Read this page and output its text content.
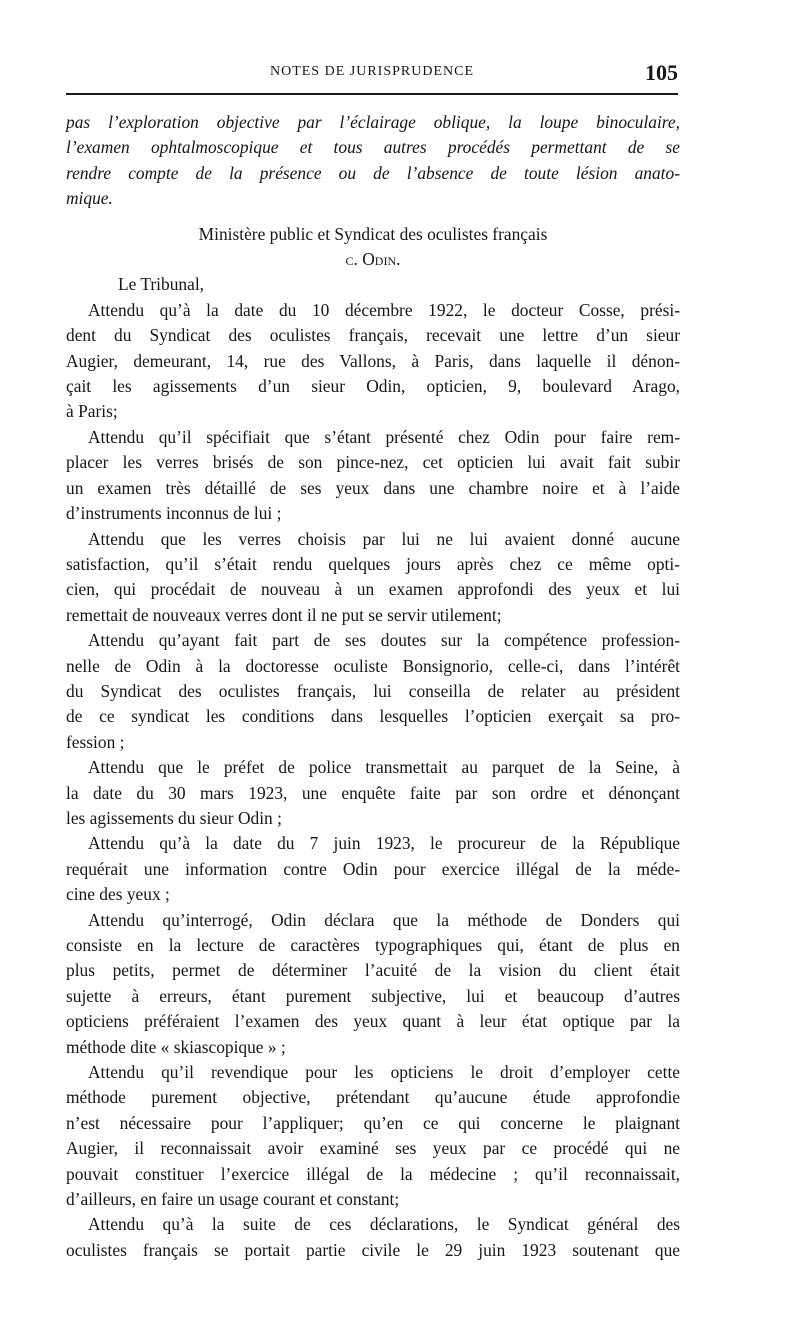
NOTES DE JURISPRUDENCE	105
pas l’exploration objective par l’éclairage oblique, la loupe binoculaire,
l’examen ophtalmoscopique et tous autres procédés permettant de se
rendre compte de la présence ou de l’absence de toute lésion anato-
mique.
Ministère public et Syndicat des oculistes français
c. Odin.
Le Tribunal,
Attendu qu’à la date du 10 décembre 1922, le docteur Cosse, prési-
dent du Syndicat des oculistes français, recevait une lettre d’un sieur
Augier, demeurant, 14, rue des Vallons, à Paris, dans laquelle il dénon-
çait les agissements d’un sieur Odin, opticien, 9, boulevard Arago,
à Paris;
Attendu qu’il spécifiait que s’étant présenté chez Odin pour faire rem-
placer les verres brisés de son pince-nez, cet opticien lui avait fait subir
un examen très détaillé de ses yeux dans une chambre noire et à l’aide
d’instruments inconnus de lui ;
Attendu que les verres choisis par lui ne lui avaient donné aucune
satisfaction, qu’il s’était rendu quelques jours après chez ce même opti-
cien, qui procédait de nouveau à un examen approfondi des yeux et lui
remettait de nouveaux verres dont il ne put se servir utilement;
Attendu qu’ayant fait part de ses doutes sur la compétence profession-
nelle de Odin à la doctoresse oculiste Bonsignorio, celle-ci, dans l’intérêt
du Syndicat des oculistes français, lui conseilla de relater au président
de ce syndicat les conditions dans lesquelles l’opticien exerçait sa pro-
fession ;
Attendu que le préfet de police transmettait au parquet de la Seine, à
la date du 30 mars 1923, une enquête faite par son ordre et dénonçant
les agissements du sieur Odin ;
Attendu qu’à la date du 7 juin 1923, le procureur de la République
requérait une information contre Odin pour exercice illégal de la méde-
cine des yeux ;
Attendu qu’interrogé, Odin déclara que la méthode de Donders qui
consiste en la lecture de caractères typographiques qui, étant de plus en
plus petits, permet de déterminer l’acuité de la vision du client était
sujette à erreurs, étant purement subjective, lui et beaucoup d’autres
opticiens préféraient l’examen des yeux quant à leur état optique par la
méthode dite « skiascopique » ;
Attendu qu’il revendique pour les opticiens le droit d’employer cette
méthode purement objective, prétendant qu’aucune étude approfondie
n’est nécessaire pour l’appliquer; qu’en ce qui concerne le plaignant
Augier, il reconnaissait avoir examiné ses yeux par ce procédé qui ne
pouvait constituer l’exercice illégal de la médecine ; qu’il reconnaissait,
d’ailleurs, en faire un usage courant et constant;
Attendu qu’à la suite de ces déclarations, le Syndicat général des
oculistes français se portait partie civile le 29 juin 1923 soutenant que
